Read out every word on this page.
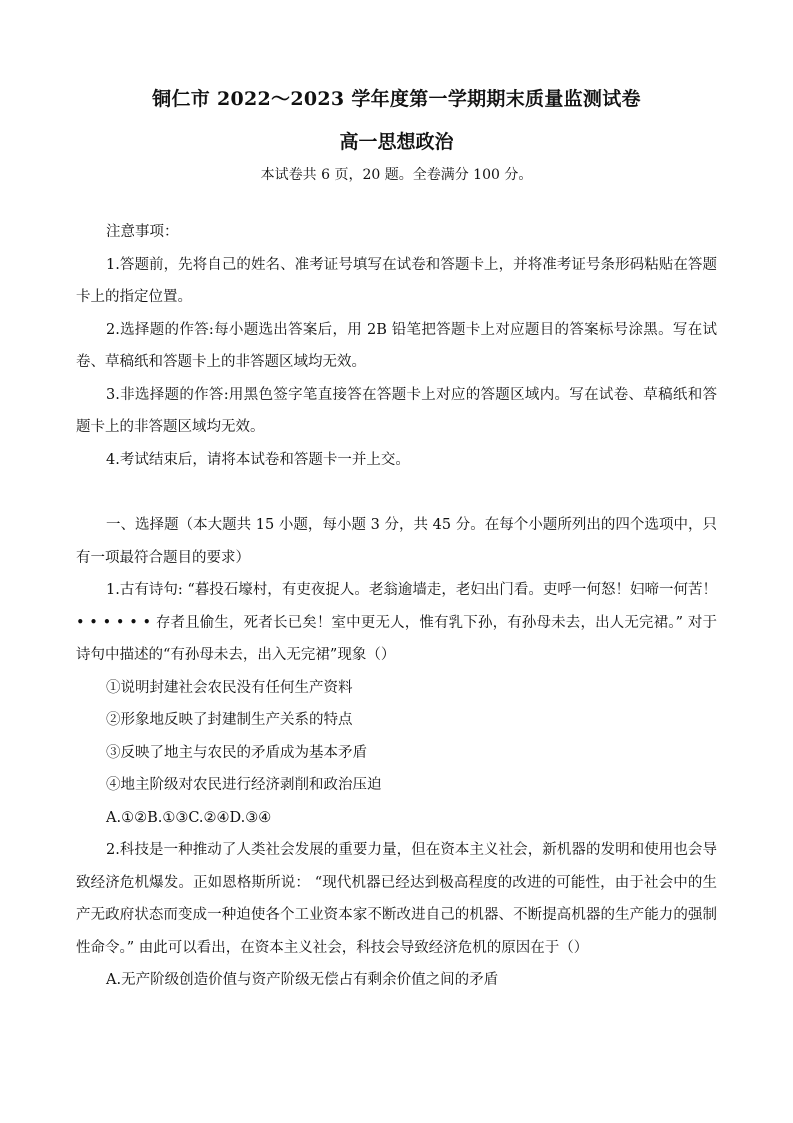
铜仁市 2022～2023 学年度第一学期期末质量监测试卷
高一思想政治
本试卷共 6 页，20 题。全卷满分 100 分。

注意事项：

1.答题前，先将自己的姓名、准考证号填写在试卷和答题卡上，并将准考证号条形码粘贴在答题卡上的指定位置。

2.选择题的作答:每小题选出答案后，用 2B 铅笔把答题卡上对应题目的答案标号涂黑。写在试卷、草稿纸和答题卡上的非答题区域均无效。

3.非选择题的作答:用黑色签字笔直接答在答题卡上对应的答题区域内。写在试卷、草稿纸和答题卡上的非答题区域均无效。

4.考试结束后，请将本试卷和答题卡一并上交。

一、选择题（本大题共 15 小题，每小题 3 分，共 45 分。在每个小题所列出的四个选项中，只有一项最符合题目的要求）

1.古有诗句: “暮投石壕村，有吏夜捉人。老翁逾墙走，老妇出门看。吏呼一何怒！妇啼一何苦！ • • • • • • 存者且偷生，死者长已矣！室中更无人，惟有乳下孙，有孙母未去，出人无完裙。” 对于诗句中描述的“有孙母未去，出入无完裙”现象（）

①说明封建社会农民没有任何生产资料

②形象地反映了封建制生产关系的特点

③反映了地主与农民的矛盾成为基本矛盾

④地主阶级对农民进行经济剥削和政治压迫

A.①②B.①③C.②④D.③④

2.科技是一种推动了人类社会发展的重要力量，但在资本主义社会，新机器的发明和使用也会导致经济危机爆发。正如恩格斯所说： “现代机器已经达到极高程度的改进的可能性，由于社会中的生产无政府状态而变成一种迫使各个工业资本家不断改进自己的机器、不断提高机器的生产能力的强制性命令。” 由此可以看出，在资本主义社会，科技会导致经济危机的原因在于（）

A.无产阶级创造价值与资产阶级无偿占有剩余价值之间的矛盾
